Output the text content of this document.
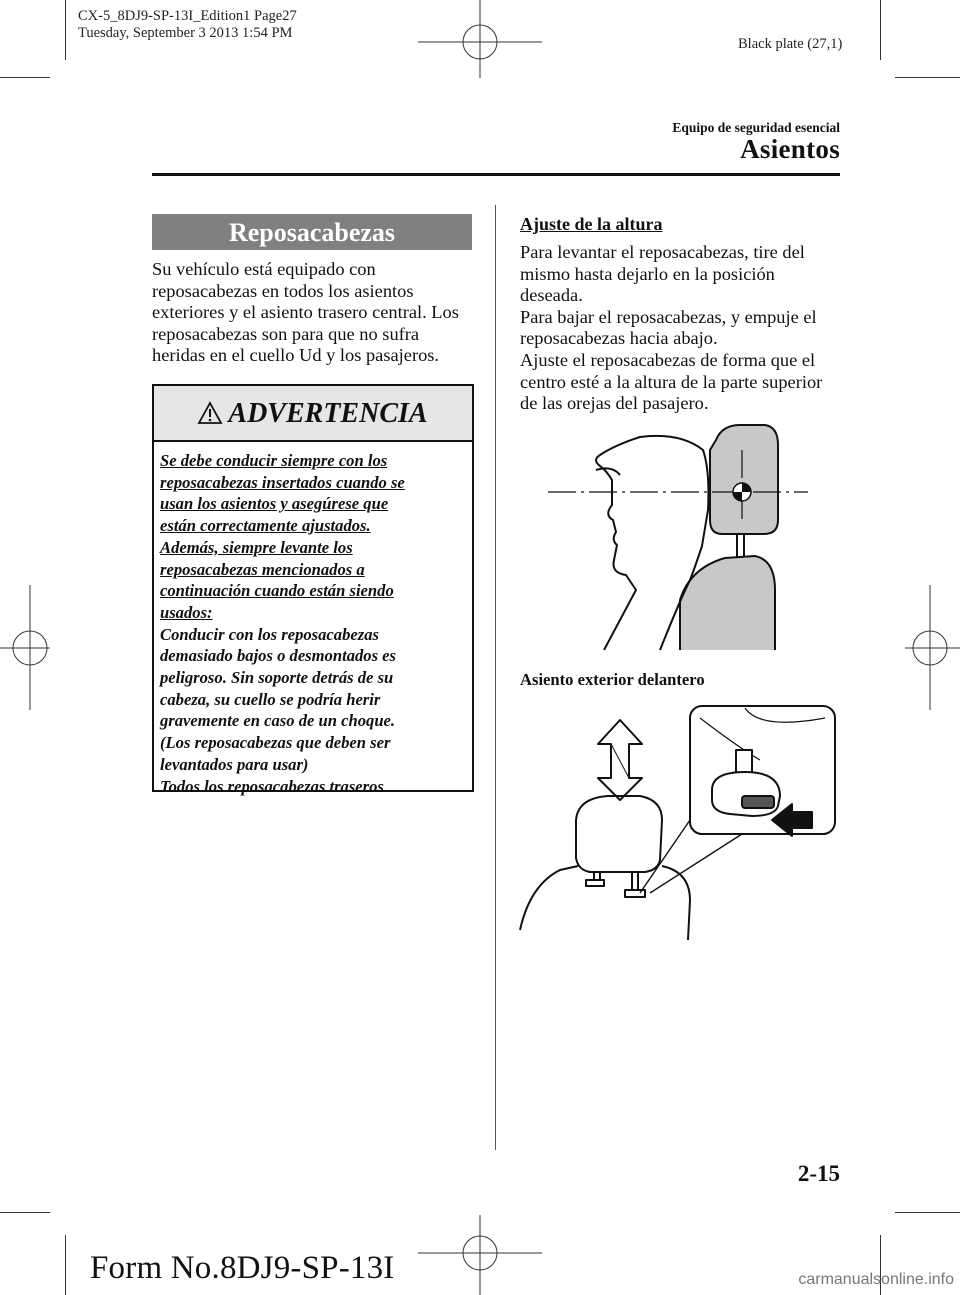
CX-5_8DJ9-SP-13I_Edition1 Page27
Tuesday, September 3 2013 1:54 PM
Black plate (27,1)
Equipo de seguridad esencial
Asientos
Reposacabezas
Su vehículo está equipado con
reposacabezas en todos los asientos
exteriores y el asiento trasero central. Los
reposacabezas son para que no sufra
heridas en el cuello Ud y los pasajeros.
ADVERTENCIA
Se debe conducir siempre con los
reposacabezas insertados cuando se
usan los asientos y asegúrese que
están correctamente ajustados.
Además, siempre levante los
reposacabezas mencionados a
continuación cuando están siendo
usados:
Conducir con los reposacabezas
demasiado bajos o desmontados es
peligroso. Sin soporte detrás de su
cabeza, su cuello se podría herir
gravemente en caso de un choque.
(Los reposacabezas que deben ser
levantados para usar)
Todos los reposacabezas traseros
Ajuste de la altura
Para levantar el reposacabezas, tire del
mismo hasta dejarlo en la posición
deseada.
Para bajar el reposacabezas, y empuje el
reposacabezas hacia abajo.
Ajuste el reposacabezas de forma que el
centro esté a la altura de la parte superior
de las orejas del pasajero.
Asiento exterior delantero
2-15
Form No.8DJ9-SP-13I	carmanualsonline.info
